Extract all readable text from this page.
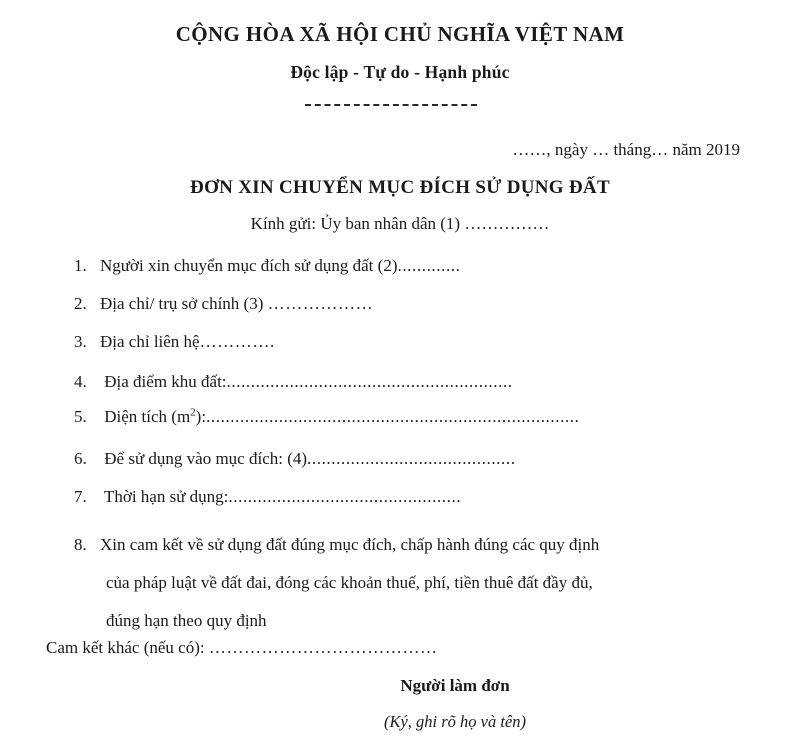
CỘNG HÒA XÃ HỘI CHỦ NGHĨA VIỆT NAM
Độc lập - Tự do - Hạnh phúc
……, ngày … tháng… năm 2019
ĐƠN XIN CHUYỂN MỤC ĐÍCH SỬ DỤNG ĐẤT
Kính gửi: Ủy ban nhân dân (1) ……………
1. Người xin chuyển mục đích sử dụng đất (2).............
2. Địa chỉ/ trụ sở chính (3) ………………
3. Địa chỉ liên hệ………….
4. Địa điểm khu đất:...........................................................
5. Diện tích $(m^2)$:.............................................................................
6. Để sử dụng vào mục đích: (4)...........................................
7. Thời hạn sử dụng:................................................
8. Xin cam kết về sử dụng đất đúng mục đích, chấp hành đúng các quy định
của pháp luật về đất đai, đóng các khoản thuế, phí, tiền thuê đất đầy đủ,
đúng hạn theo quy định
Cam kết khác (nếu có): …………………………………
Người làm đơn
(Ký, ghi rõ họ và tên)
